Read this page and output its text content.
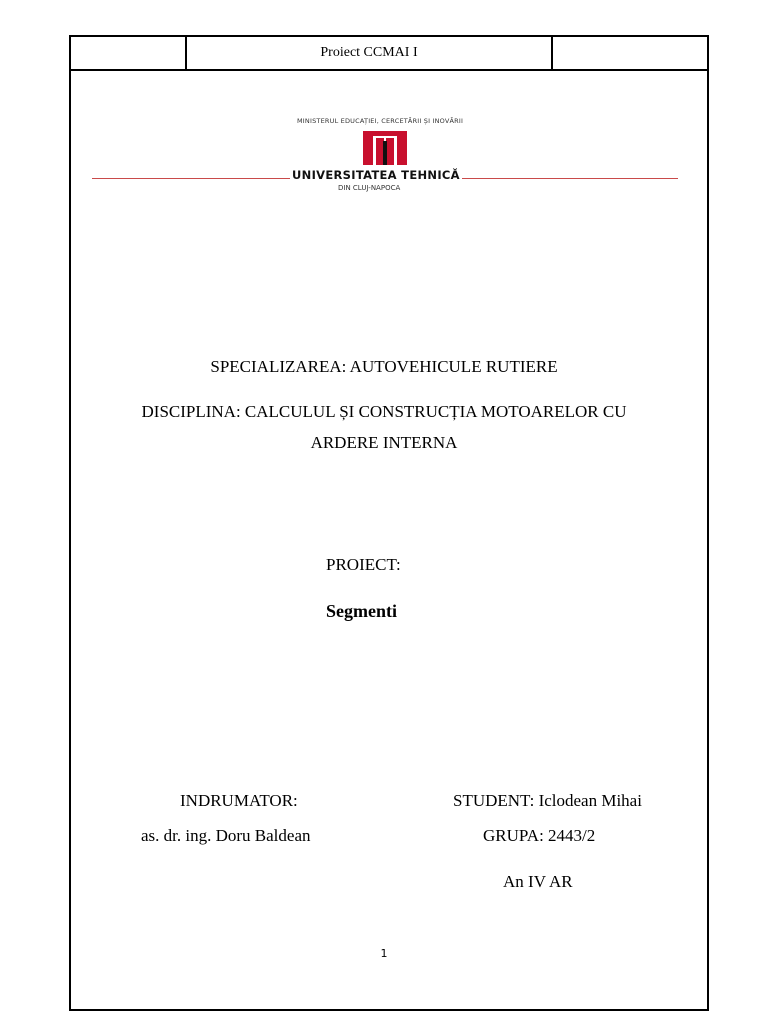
Proiect CCMAI I
MINISTERUL EDUCAȚIEI, CERCETĂRII ȘI INOVĂRII
UNIVERSITATEA TEHNICĂ
DIN CLUJ-NAPOCA
SPECIALIZAREA: AUTOVEHICULE RUTIERE
DISCIPLINA: CALCULUL ȘI CONSTRUCȚIA MOTOARELOR CU
ARDERE INTERNA
PROIECT:
Segmenti
INDRUMATOR:
as. dr. ing. Doru Baldean
STUDENT: Iclodean Mihai
GRUPA: 2443/2
An IV AR
1
